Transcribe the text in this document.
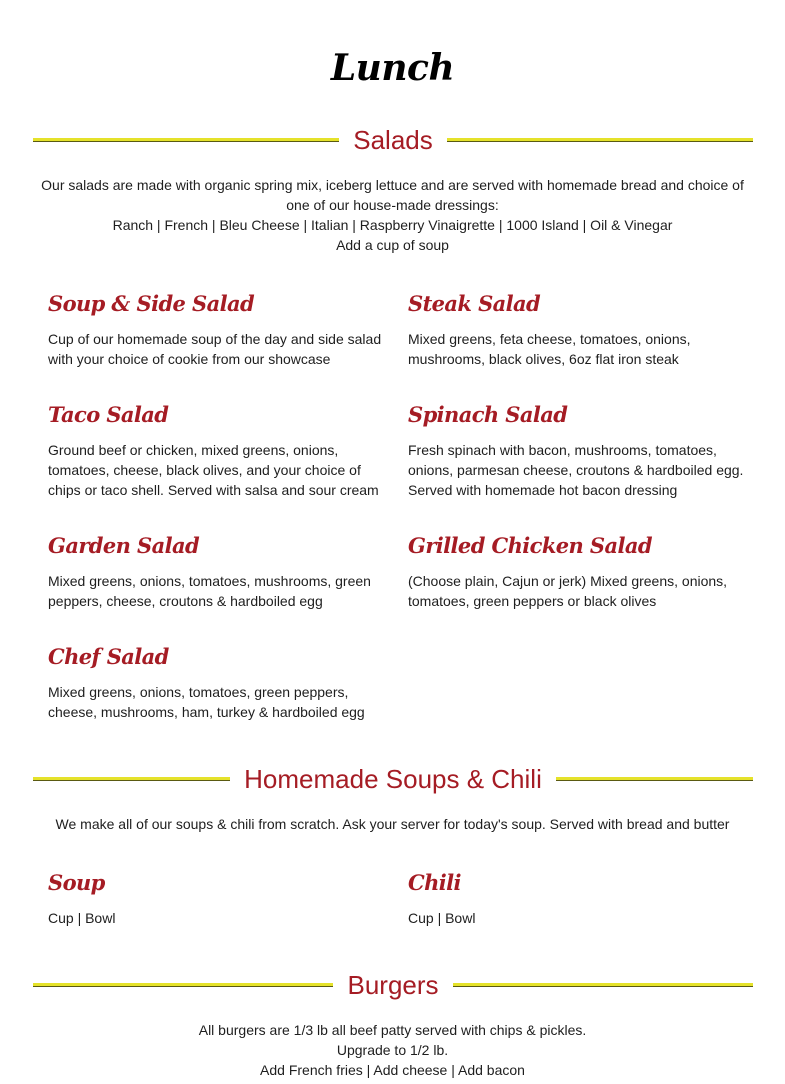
Lunch
Salads
Our salads are made with organic spring mix, iceberg lettuce and are served with homemade bread and choice of one of our house-made dressings:
Ranch | French | Bleu Cheese | Italian | Raspberry Vinaigrette | 1000 Island | Oil & Vinegar
Add a cup of soup
Soup & Side Salad
Cup of our homemade soup of the day and side salad with your choice of cookie from our showcase
Steak Salad
Mixed greens, feta cheese, tomatoes, onions, mushrooms, black olives, 6oz flat iron steak
Taco Salad
Ground beef or chicken, mixed greens, onions, tomatoes, cheese, black olives, and your choice of chips or taco shell. Served with salsa and sour cream
Spinach Salad
Fresh spinach with bacon, mushrooms, tomatoes, onions, parmesan cheese, croutons & hardboiled egg. Served with homemade hot bacon dressing
Garden Salad
Mixed greens, onions, tomatoes, mushrooms, green peppers, cheese, croutons & hardboiled egg
Grilled Chicken Salad
(Choose plain, Cajun or jerk) Mixed greens, onions, tomatoes, green peppers or black olives
Chef Salad
Mixed greens, onions, tomatoes, green peppers, cheese, mushrooms, ham, turkey & hardboiled egg
Homemade Soups & Chili
We make all of our soups & chili from scratch. Ask your server for today's soup. Served with bread and butter
Soup
Cup | Bowl
Chili
Cup | Bowl
Burgers
All burgers are 1/3 lb all beef patty served with chips & pickles.
Upgrade to 1/2 lb.
Add French fries | Add cheese | Add bacon
